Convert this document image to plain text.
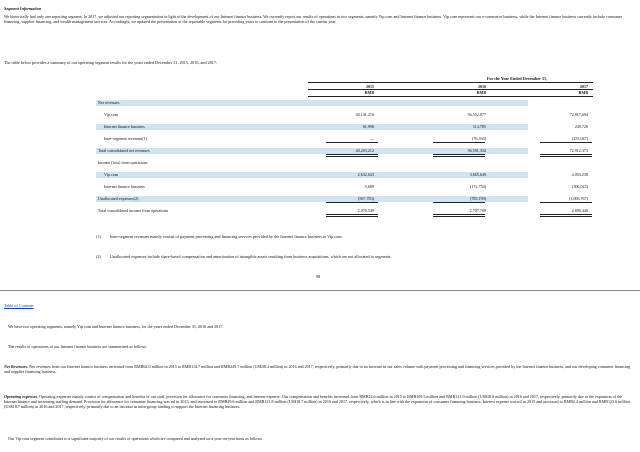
Segment Information
We historically had only one reporting segment. In 2017, we adjusted our reporting segmentation in light of the development of our Internet finance business. We currently report our results of operations in two segments, namely Vip.com and Internet finance business. Vip.com represents our e-commerce business, while the Internet finance business currently include consumer financing, supplier financing, and wealth management services. Accordingly, we updated the presentation of the reportable segments for preceding years to conform to the presentation of the current year.
The table below provides a summary of our operating segment results for the years ended December 31, 2015, 2016, and 2017:
For the Year Ended December 31,
2015	2016	2017
RMB	RMB	RMB
Net revenues
Vip.com	40,141,216	56,552,877	72,817,694
Internet finance business	61,996	114,785	249,726
Inter-segment revenues(1)	—	(76,330)	(155,047)
Total consolidated net revenues	40,203,212	56,591,332	72,912,373
Income (loss) from operations
Vip.com	2,632,643	3,665,649	4,003,238
Internet finance business	5,689	(172,750)	(306,025)
Unallocated expenses(2)	(567,783)	(785,190)	(1,006,767)
Total consolidated income from operations	2,070,549	2,707,709	2,690,446
(1) Inter-segment revenues mainly consist of payment processing and financing services provided by the Internet finance business to Vip.com.
(2) Unallocated expenses include share-based compensation and amortization of intangible assets resulting from business acquisitions, which are not allocated to segments.
98
Table of Contents
We have two operating segments, namely Vip.com and Internet finance business, for the years ended December 31, 2016 and 2017.
The results of operations of our Internet finance business are summarized as follows.
Net Revenues. Net revenues from our Internet finance business increased from RMB62.0 million in 2015 to RMB114.7 million and RMB249.7 million (US$38.4 million) in 2016 and 2017, respectively, primarily due to an increase in our sales volume with payment processing and financing services provided by the Internet finance business, and our developing consumer financing and supplier financing business.
Operating expenses. Operating expenses mainly consist of compensation and benefits of our staff, provision for allowance for consumer financing, and interest expense. Our compensation and benefits increased from RMB24.6 million in 2015 to RMB109.5 million and RMB121.9 million (US$18.0 million) in 2016 and 2017, respectively, primarily due to the expansion of the Internet finance and increasing staffing demand. Provision for allowance for consumer financing was nil in 2015, and increased to RMB49.6 million and RMB121.8 million (US$18.7 million) in 2016 and 2017, respectively, which is in line with the expansion of consumer financing business. Interest expense was nil in 2015 and increased to RMB2.4 million and RMB123.6 million (US$18.7 million) in 2016 and 2017, respectively, primarily due to an increase in intra-group funding to support the Internet financing business.
Our Vip.com segment contributes to a significant majority of our results of operations which are compared and analyzed on a year-on-year basis as follows.
